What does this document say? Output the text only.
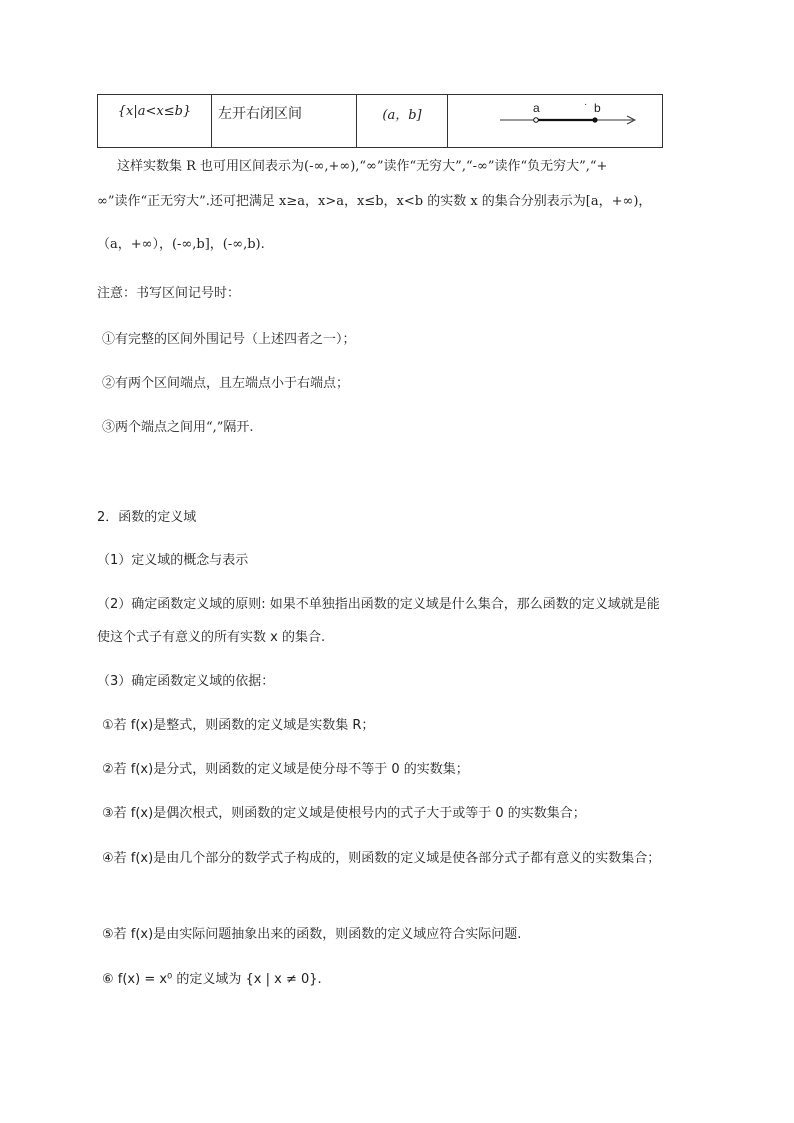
{x|a<x≤b}	左开右闭区间	(a，b]	a	· b
这样实数集 R 也可用区间表示为(-∞,+∞),“∞”读作“无穷大”,“-∞”读作“负无穷大”,“+
∞”读作“正无穷大”.还可把满足 x≥a，x>a，x≤b，x<b 的实数 x 的集合分别表示为[a，+∞)，
（a，+∞），(-∞,b]，(-∞,b).
注意：书写区间记号时：
①有完整的区间外围记号（上述四者之一）；
②有两个区间端点，且左端点小于右端点；
③两个端点之间用“,”隔开.
2．函数的定义域
（1）定义域的概念与表示
（2）确定函数定义域的原则: 如果不单独指出函数的定义域是什么集合，那么函数的定义域就是能
使这个式子有意义的所有实数 x 的集合.
（3）确定函数定义域的依据：
①若 f(x)是整式，则函数的定义域是实数集 R；
②若 f(x)是分式，则函数的定义域是使分母不等于 0 的实数集；
③若 f(x)是偶次根式，则函数的定义域是使根号内的式子大于或等于 0 的实数集合；
④若 f(x)是由几个部分的数学式子构成的，则函数的定义域是使各部分式子都有意义的实数集合；
⑤若 f(x)是由实际问题抽象出来的函数，则函数的定义域应符合实际问题.
⑥ f(x) = x⁰ 的定义域为 {x | x ≠ 0}.
